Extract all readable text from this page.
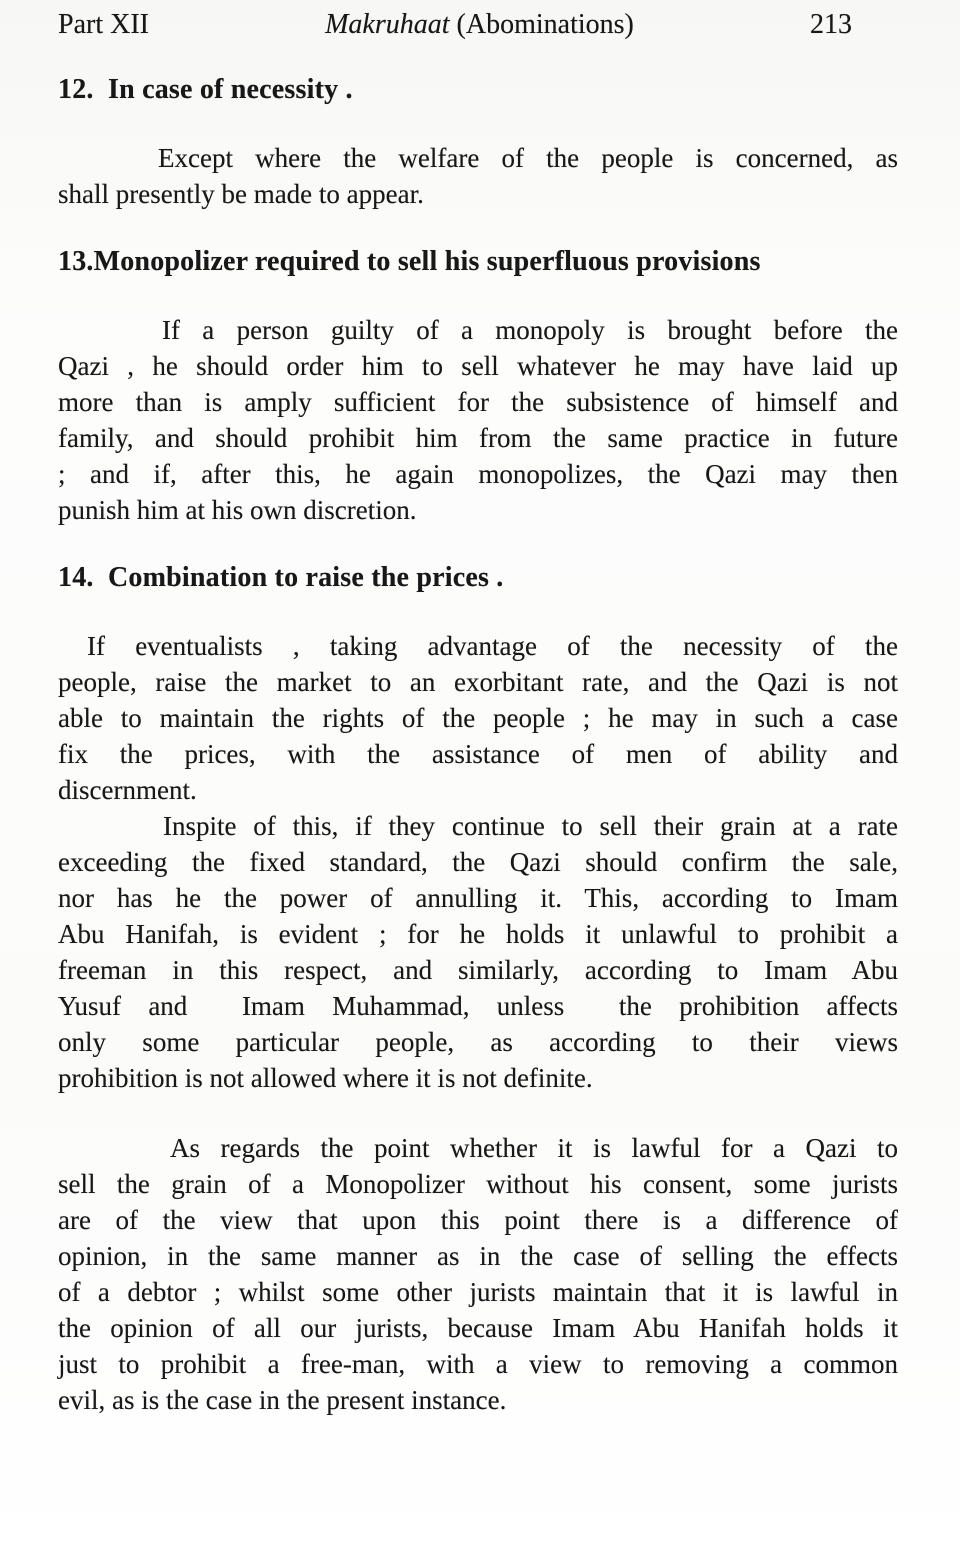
Part XII	Makruhaat (Abominations)	213
12.  In case of necessity .
Except where the welfare of the people is concerned, as
shall presently be made to appear.
13.Monopolizer required to sell his superfluous provisions
If a person guilty of a monopoly is brought before the
Qazi , he should order him to sell whatever he may have laid up
more than is amply sufficient for the subsistence of himself and
family, and should prohibit him from the same practice in future
; and if, after this, he again monopolizes, the Qazi may then
punish him at his own discretion.
14.  Combination to raise the prices .
If eventualists , taking advantage of the necessity of the
people, raise the market to an exorbitant rate, and the Qazi is not
able to maintain the rights of the people ; he may in such a case
fix the prices, with the assistance of men of ability and
discernment.
Inspite of this, if they continue to sell their grain at a rate
exceeding the fixed standard, the Qazi should confirm the sale,
nor has he the power of annulling it. This, according to Imam
Abu Hanifah, is evident ; for he holds it unlawful to prohibit a
freeman in this respect, and similarly, according to Imam Abu
Yusuf and  Imam Muhammad, unless  the prohibition affects
only some particular people, as according to their views
prohibition is not allowed where it is not definite.
As regards the point whether it is lawful for a Qazi to
sell the grain of a Monopolizer without his consent, some jurists
are of the view that upon this point there is a difference of
opinion, in the same manner as in the case of selling the effects
of a debtor ; whilst some other jurists maintain that it is lawful in
the opinion of all our jurists, because Imam Abu Hanifah holds it
just to prohibit a free-man, with a view to removing a common
evil, as is the case in the present instance.
